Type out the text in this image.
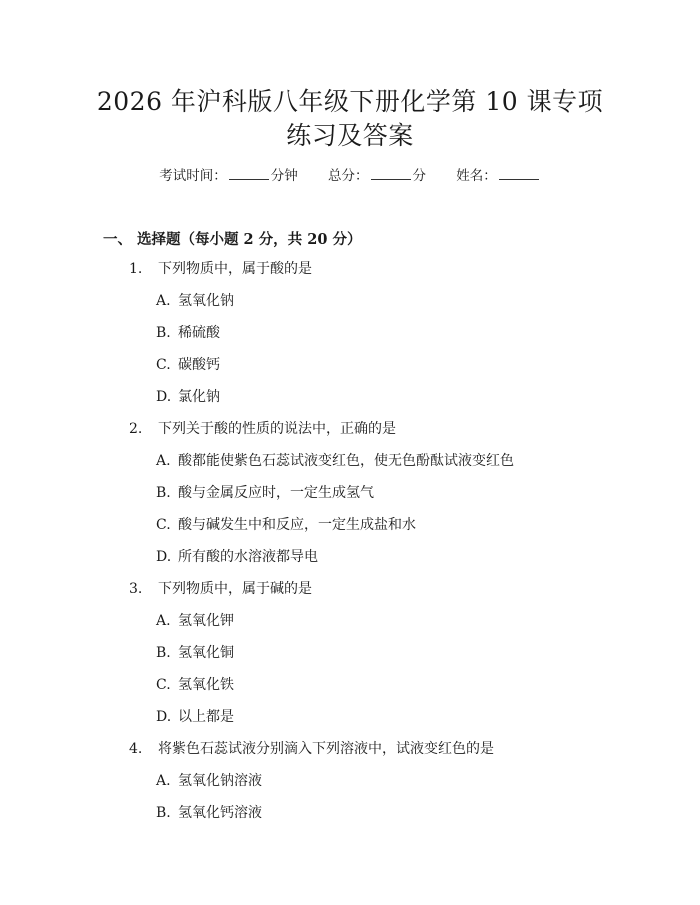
2026 年沪科版八年级下册化学第 10 课专项
练习及答案
考试时间：	分钟 总分：	分 姓名：
一、 选择题（每小题 2 分，共 20 分）
1. 下列物质中，属于酸的是
A. 氢氧化钠
B. 稀硫酸
C. 碳酸钙
D. 氯化钠
2. 下列关于酸的性质的说法中，正确的是
A. 酸都能使紫色石蕊试液变红色，使无色酚酞试液变红色
B. 酸与金属反应时，一定生成氢气
C. 酸与碱发生中和反应，一定生成盐和水
D. 所有酸的水溶液都导电
3. 下列物质中，属于碱的是
A. 氢氧化钾
B. 氢氧化铜
C. 氢氧化铁
D. 以上都是
4. 将紫色石蕊试液分别滴入下列溶液中，试液变红色的是
A. 氢氧化钠溶液
B. 氢氧化钙溶液
